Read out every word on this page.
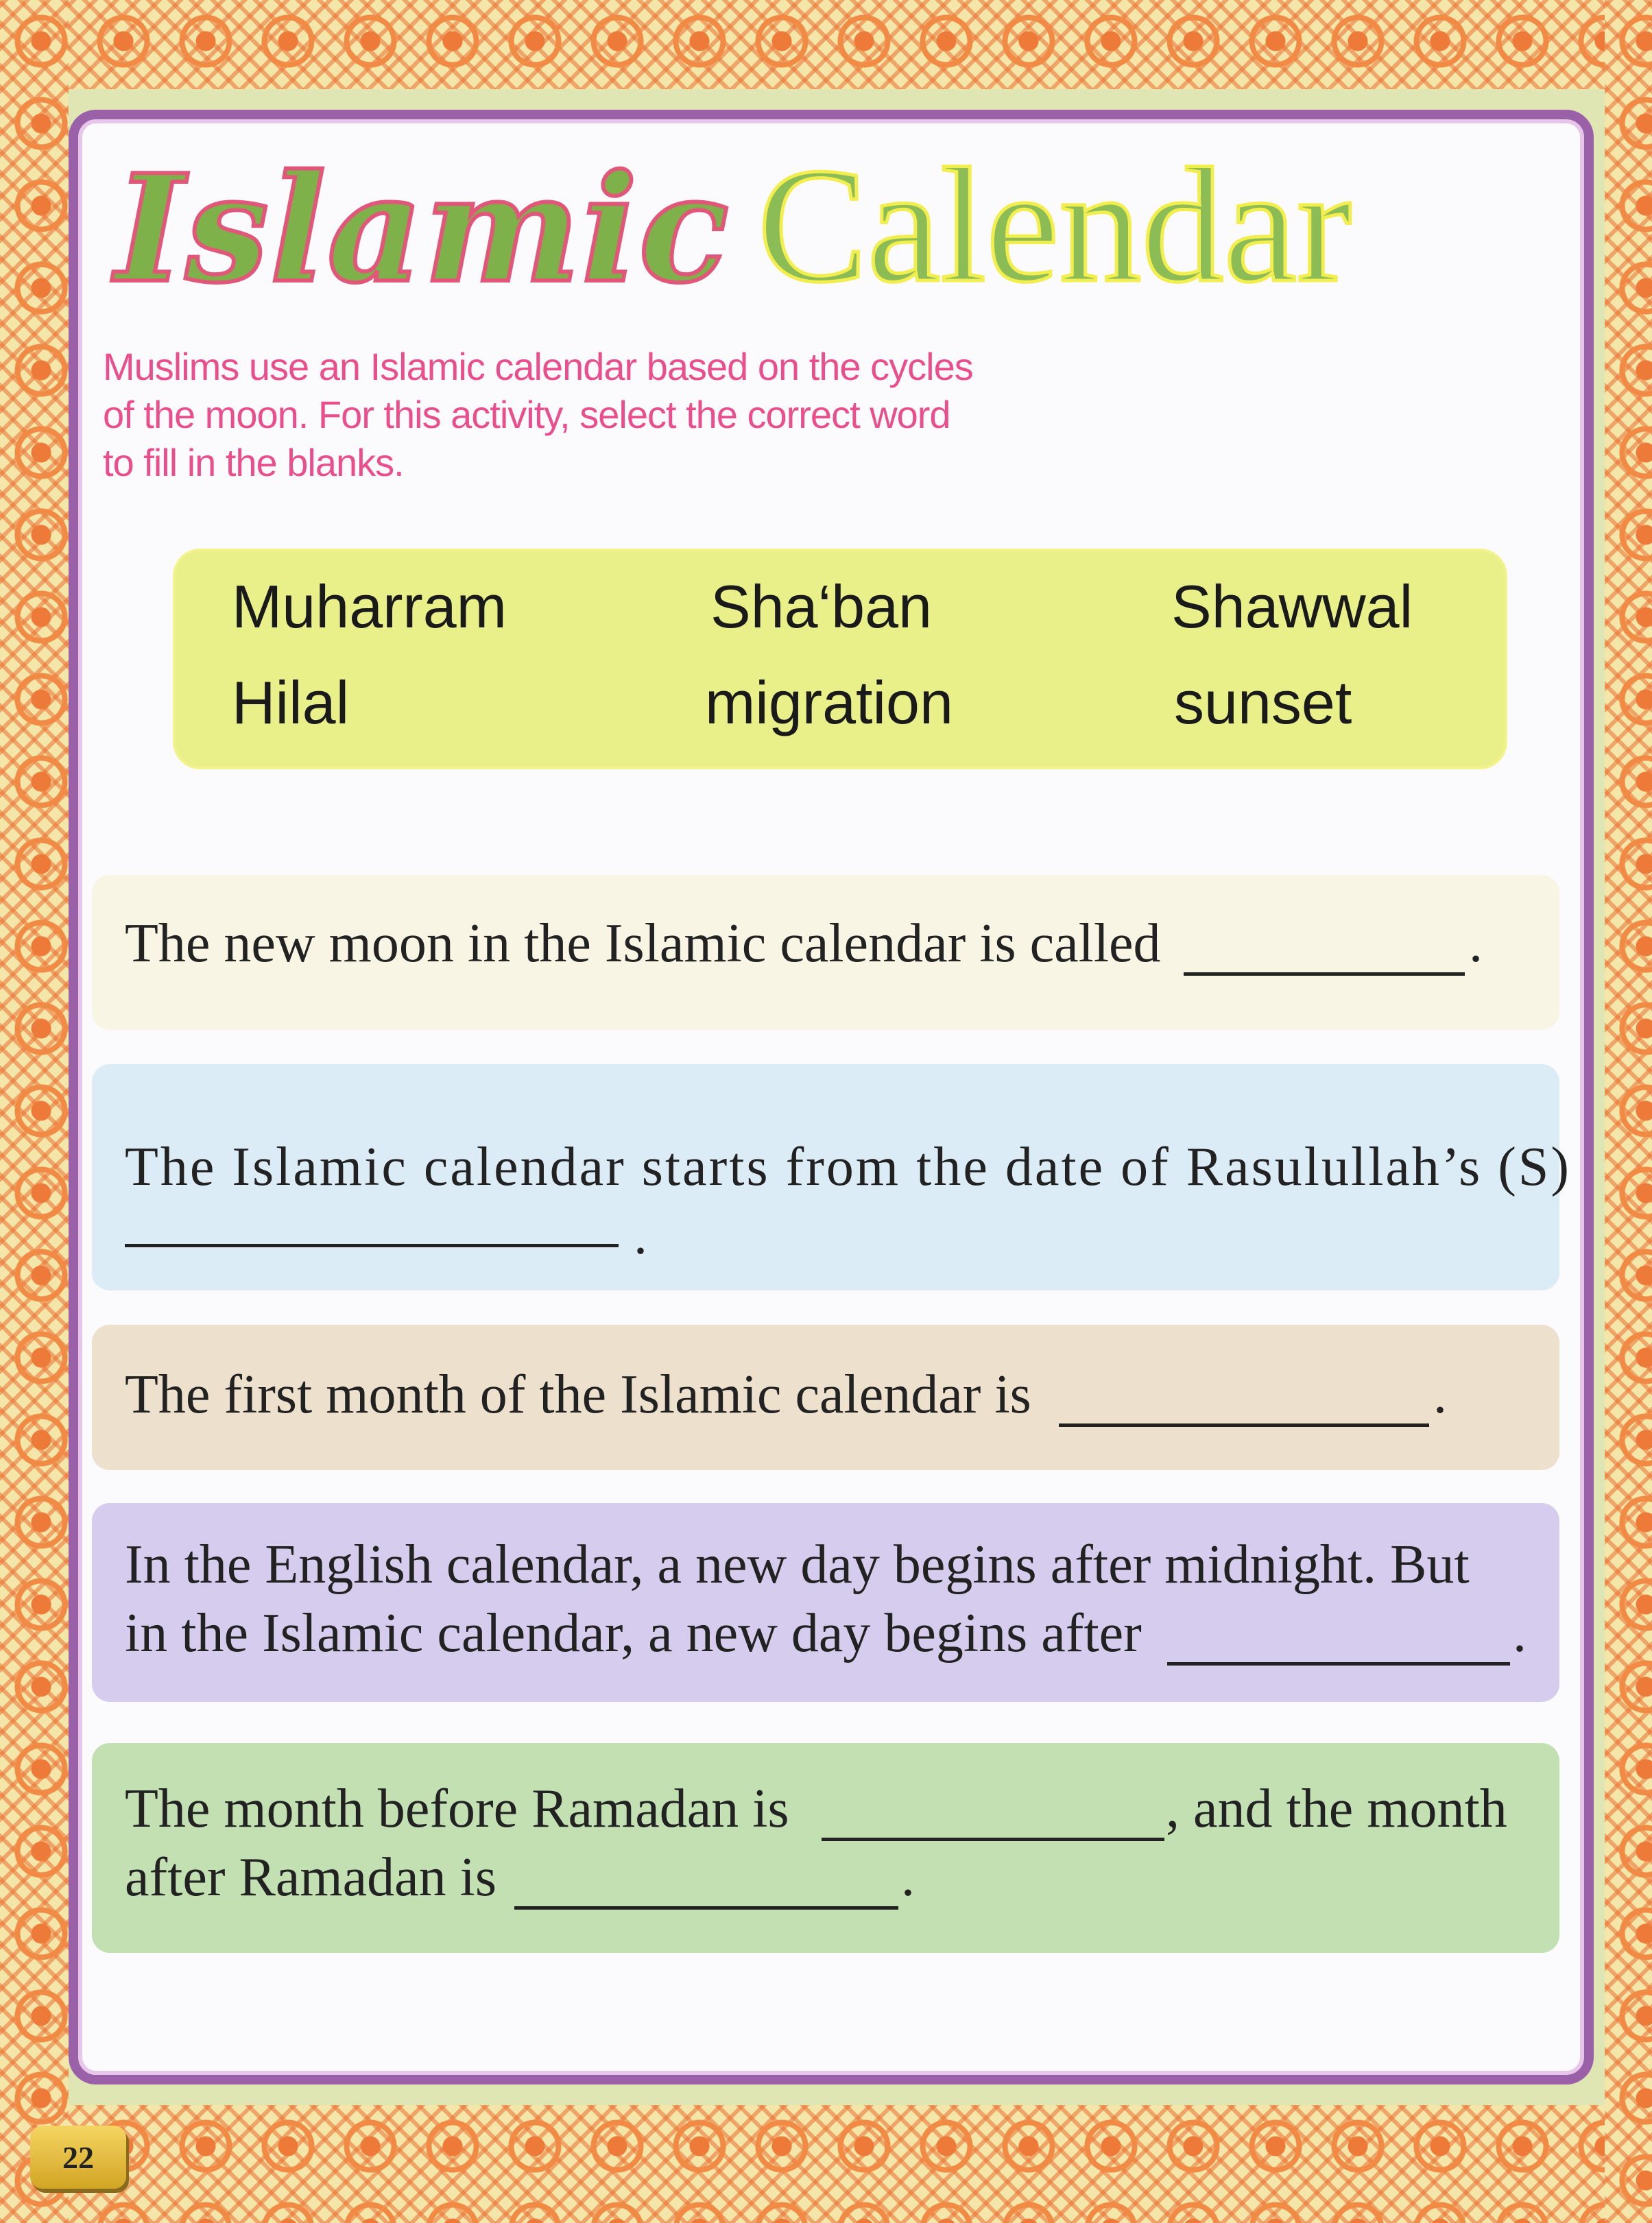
Islamic Calendar
Muslims use an Islamic calendar based on the cycles
of the moon. For this activity, select the correct word
to fill in the blanks.
Muharram	Sha‘ban	Shawwal
Hilal	migration	sunset
The new moon in the Islamic calendar is called	.
The Islamic calendar starts from the date of Rasulullah’s (S)
.
The first month of the Islamic calendar is	.
In the English calendar, a new day begins after midnight. But
in the Islamic calendar, a new day begins after	.
The month before Ramadan is	, and the month
after Ramadan is	.
22
